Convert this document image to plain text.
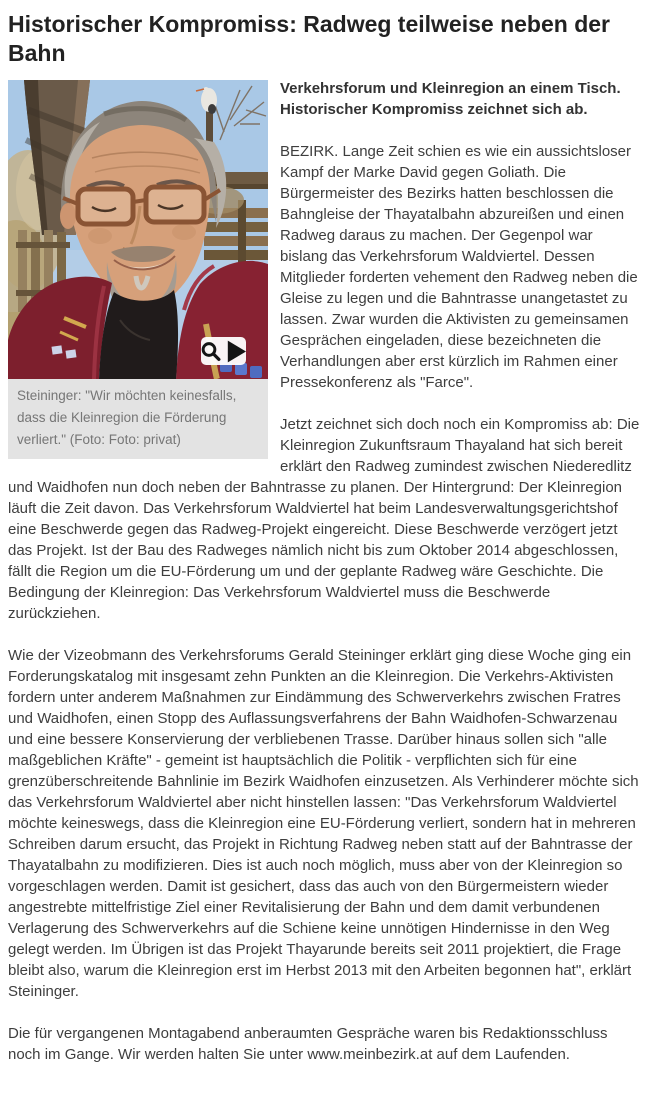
Historischer Kompromiss: Radweg teilweise neben der Bahn
Steininger: "Wir möchten keinesfalls, dass die Kleinregion die Förderung verliert." (Foto: Foto: privat)

Verkehrsforum und Kleinregion an einem Tisch. Historischer Kompromiss zeichnet sich ab.

BEZIRK. Lange Zeit schien es wie ein aussichtsloser Kampf der Marke David gegen Goliath. Die Bürgermeister des Bezirks hatten beschlossen die Bahngleise der Thayatalbahn abzureißen und einen Radweg daraus zu machen. Der Gegenpol war bislang das Verkehrsforum Waldviertel. Dessen Mitglieder forderten vehement den Radweg neben die Gleise zu legen und die Bahntrasse unangetastet zu lassen. Zwar wurden die Aktivisten zu gemeinsamen Gesprächen eingeladen, diese bezeichneten die Verhandlungen aber erst kürzlich im Rahmen einer Pressekonferenz als "Farce".

Jetzt zeichnet sich doch noch ein Kompromiss ab: Die Kleinregion Zukunftsraum Thayaland hat sich bereit erklärt den Radweg zumindest zwischen Niederedlitz und Waidhofen nun doch neben der Bahntrasse zu planen. Der Hintergrund: Der Kleinregion läuft die Zeit davon. Das Verkehrsforum Waldviertel hat beim Landesverwaltungsgerichtshof eine Beschwerde gegen das Radweg-Projekt eingereicht. Diese Beschwerde verzögert jetzt das Projekt. Ist der Bau des Radweges nämlich nicht bis zum Oktober 2014 abgeschlossen, fällt die Region um die EU-Förderung um und der geplante Radweg wäre Geschichte. Die Bedingung der Kleinregion: Das Verkehrsforum Waldviertel muss die Beschwerde zurückziehen.

Wie der Vizeobmann des Verkehrsforums Gerald Steininger erklärt ging diese Woche ging ein Forderungskatalog mit insgesamt zehn Punkten an die Kleinregion. Die Verkehrs-Aktivisten fordern unter anderem Maßnahmen zur Eindämmung des Schwerverkehrs zwischen Fratres und Waidhofen, einen Stopp des Auflassungsverfahrens der Bahn Waidhofen-Schwarzenau und eine bessere Konservierung der verbliebenen Trasse. Darüber hinaus sollen sich "alle maßgeblichen Kräfte" - gemeint ist hauptsächlich die Politik - verpflichten sich für eine grenzüberschreitende Bahnlinie im Bezirk Waidhofen einzusetzen. Als Verhinderer möchte sich das Verkehrsforum Waldviertel aber nicht hinstellen lassen: "Das Verkehrsforum Waldviertel möchte keineswegs, dass die Kleinregion eine EU-Förderung verliert, sondern hat in mehreren Schreiben darum ersucht, das Projekt in Richtung Radweg neben statt auf der Bahntrasse der Thayatalbahn zu modifizieren. Dies ist auch noch möglich, muss aber von der Kleinregion so vorgeschlagen werden. Damit ist gesichert, dass das auch von den Bürgermeistern wieder angestrebte mittelfristige Ziel einer Revitalisierung der Bahn und dem damit verbundenen Verlagerung des Schwerverkehrs auf die Schiene keine unnötigen Hindernisse in den Weg gelegt werden. Im Übrigen ist das Projekt Thayarunde bereits seit 2011 projektiert, die Frage bleibt also, warum die Kleinregion erst im Herbst 2013 mit den Arbeiten begonnen hat", erklärt Steininger.

Die für vergangenen Montagabend anberaumten Gespräche waren bis Redaktionsschluss noch im Gange. Wir werden halten Sie unter www.meinbezirk.at auf dem Laufenden.
